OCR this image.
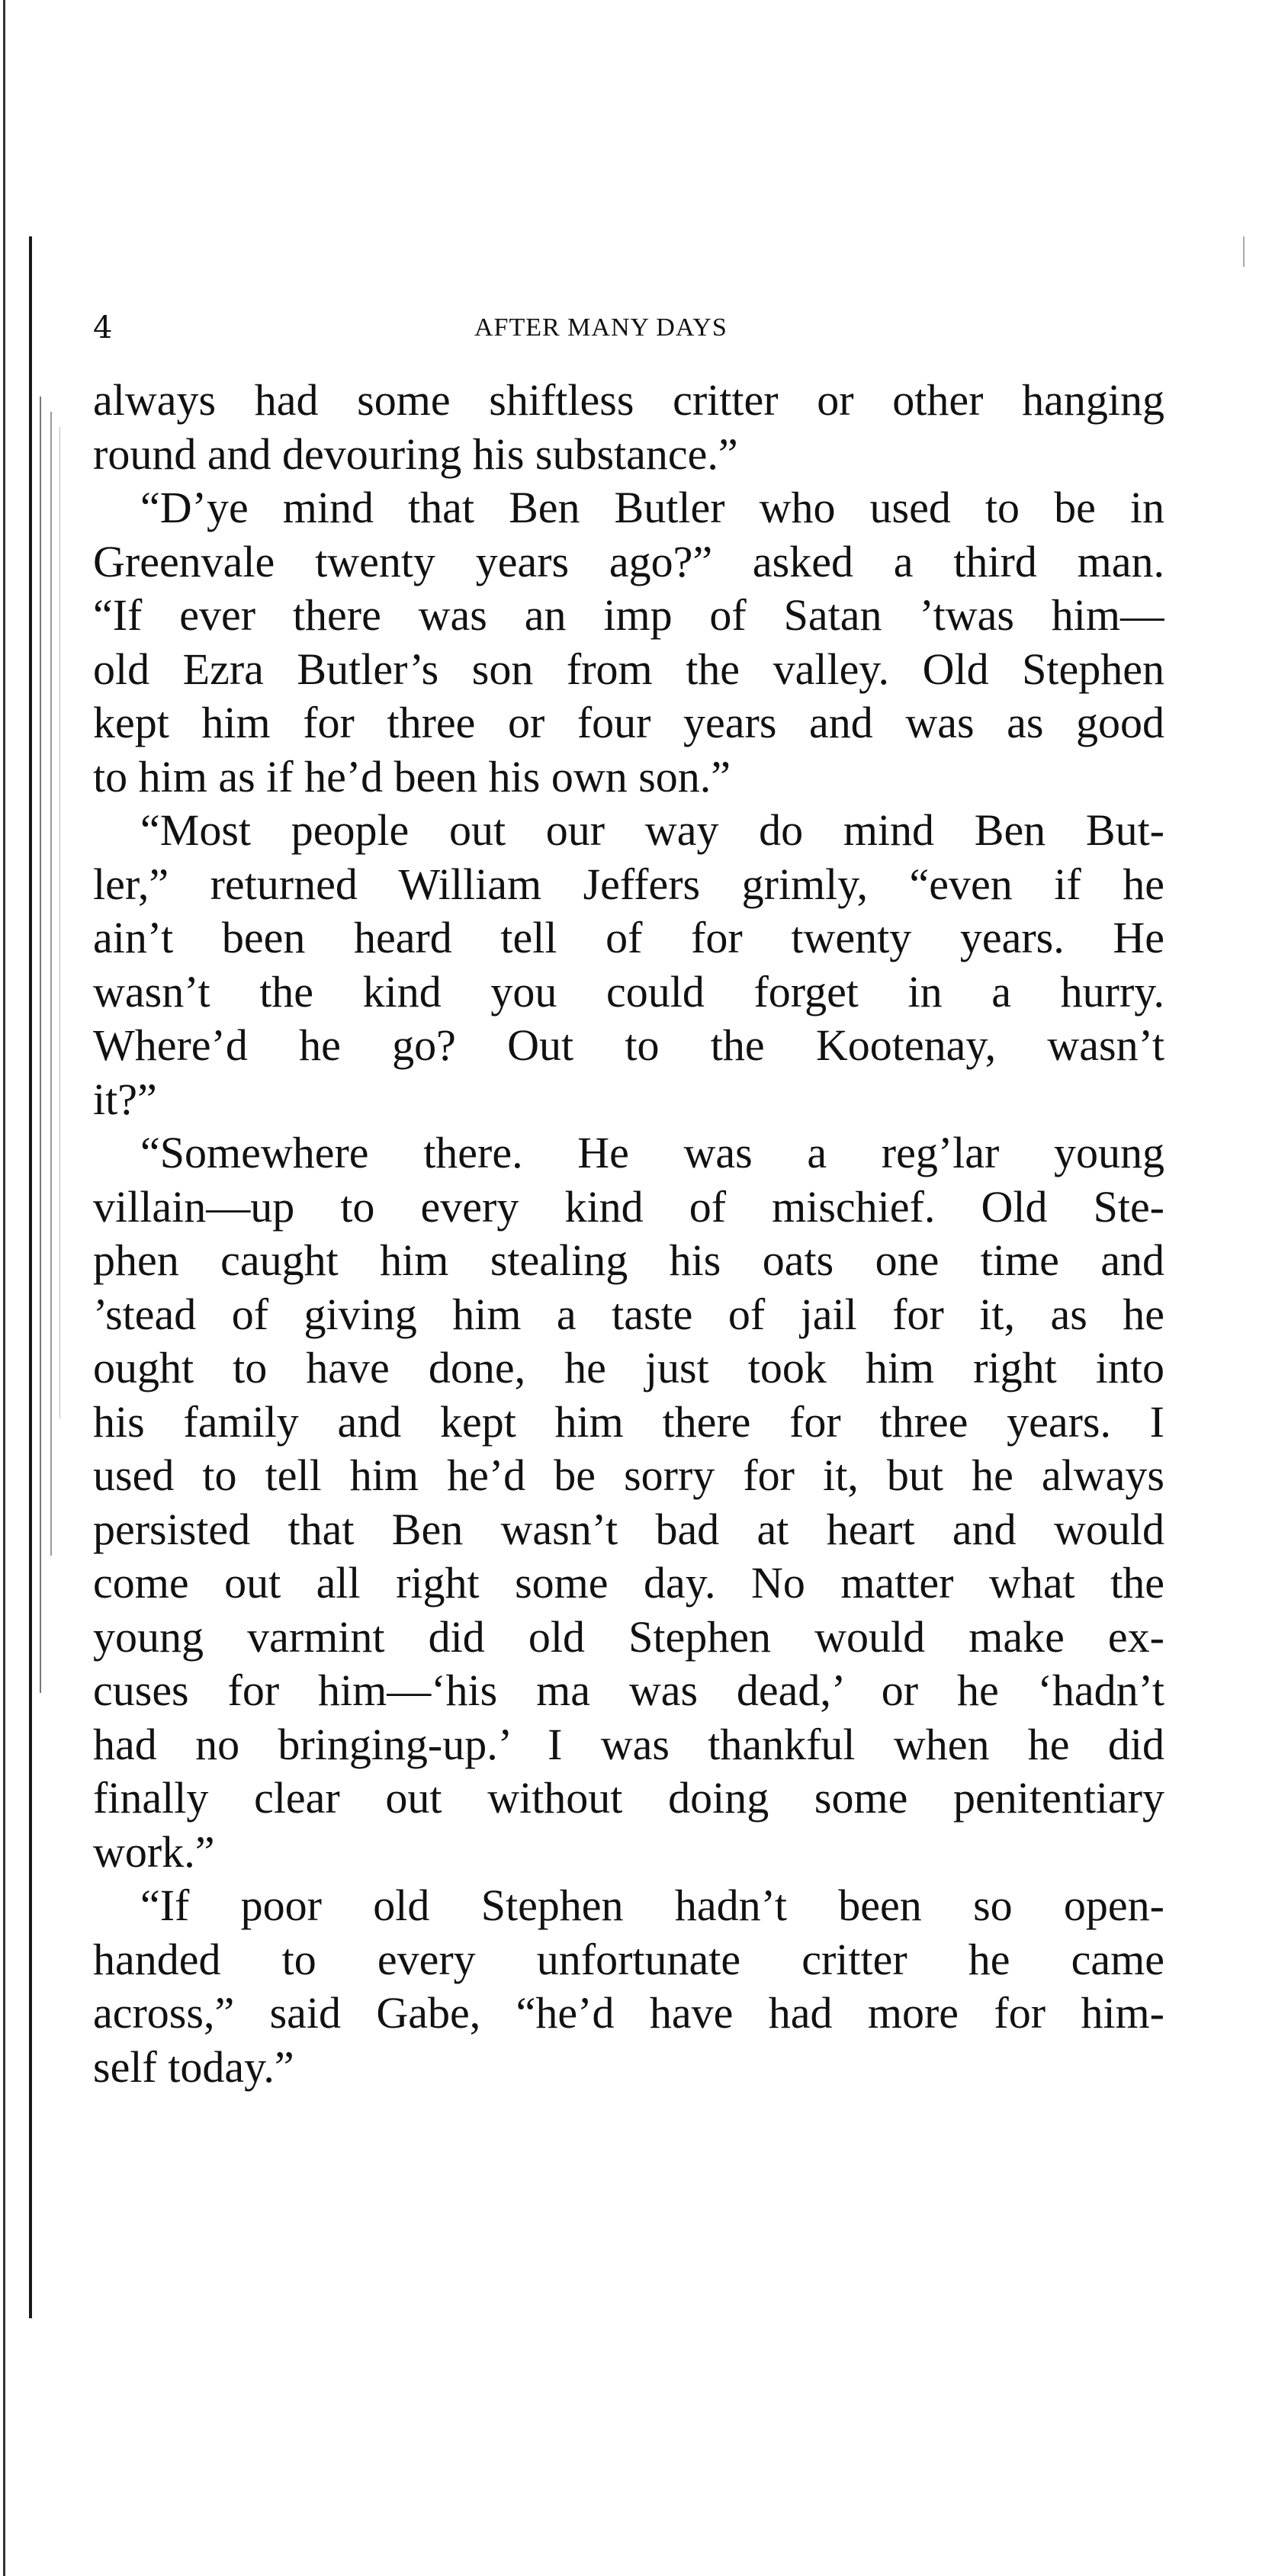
4	AFTER MANY DAYS
always had some shiftless critter or other hanging
round and devouring his substance.”
“D’ye mind that Ben Butler who used to be in
Greenvale twenty years ago?” asked a third man.
“If ever there was an imp of Satan ’twas him—
old Ezra Butler’s son from the valley. Old Stephen
kept him for three or four years and was as good
to him as if he’d been his own son.”
“Most people out our way do mind Ben But-
ler,” returned William Jeffers grimly, “even if he
ain’t been heard tell of for twenty years. He
wasn’t the kind you could forget in a hurry.
Where’d he go? Out to the Kootenay, wasn’t
it?”
“Somewhere there. He was a reg’lar young
villain—up to every kind of mischief. Old Ste-
phen caught him stealing his oats one time and
’stead of giving him a taste of jail for it, as he
ought to have done, he just took him right into
his family and kept him there for three years. I
used to tell him he’d be sorry for it, but he always
persisted that Ben wasn’t bad at heart and would
come out all right some day. No matter what the
young varmint did old Stephen would make ex-
cuses for him—‘his ma was dead,’ or he ‘hadn’t
had no bringing-up.’ I was thankful when he did
finally clear out without doing some penitentiary
work.”
“If poor old Stephen hadn’t been so open-
handed to every unfortunate critter he came
across,” said Gabe, “he’d have had more for him-
self today.”
